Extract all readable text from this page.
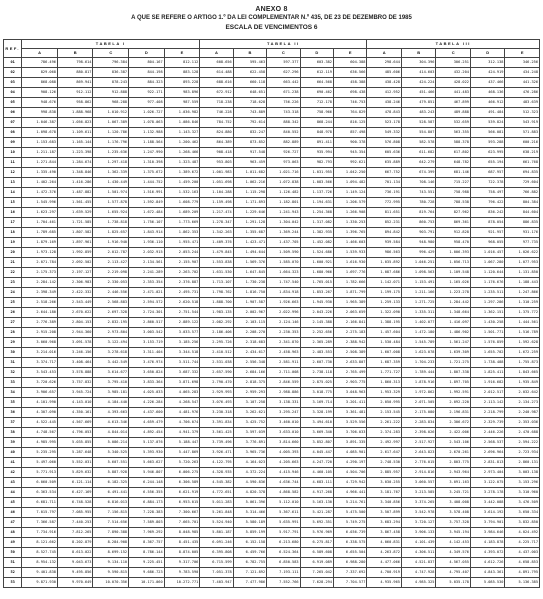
ANEXO 8
A QUE SE REFERE O ARTIGO 1.º DA LEI COMPLEMENTAR N.º 435, DE 23 DE DEZEMBRO DE 1985
ESCALA DE VENCIMENTOS 6
REF.	TABELA I					TABELA II					TABELA III				
	A	B	C	D	E	A	B	C	D	E	A	B	C	D	E
01	786.496	798.614	796.384	804.167	812.112	608.656	595.463	597.377	603.382	604.388	298.644	304.396	306.251	312.138	346.256
02	829.068	880.817	836.387	844.198	883.128	614.488	622.458	627.296	612.119	636.566	485.606	414.603	432.204	424.919	434.248
03	868.088	869.941	878.243	884.323	893.228	688.616	660.118	663.442	664.568	458.388	438.428	424.224	428.022	437.466	441.326
04	908.126	912.112	912.888	922.171	983.896	672.912	648.651	671.238	690.462	698.438	412.952	451.466	441.483	468.136	476.286
05	948.676	958.862	968.288	977.408	987.559	718.238	718.628	756.226	712.178	746.753	438.246	479.851	467.899	466.912	483.639
06	998.838	1.888.968	1.010.912	1.026.727	1.036.982	746.228	743.889	743.318	758.966	764.829	478.843	483.243	489.888	491.484	512.323
07	1.046.387	1.056.823	1.067.389	1.078.063	1.086.846	784.752	792.614	888.342	868.244	816.125	523.178	528.587	532.659	539.824	543.919
08	1.098.678	1.109.611	1.120.786	1.132.988	1.143.327	824.880	832.247	840.552	848.978	857.498	549.332	554.807	563.355	566.081	571.883
09	1.153.683	1.165.144	1.176.796	1.188.564	1.200.462	864.389	873.852	882.889	891.411	900.378	576.808	582.578	588.378	593.288	600.216
10	1.211.187	1.223.398	1.235.636	1.247.990	1.268.466	908.418	917.548	926.727	935.994	945.354	605.636	611.682	617.802	623.995	638.219
11	1.271.844	1.284.674	1.297.418	1.310.398	1.323.487	953.803	963.459	973.063	982.793	992.621	635.889	642.279	648.782	655.194	661.768
12	1.335.490	1.348.846	1.362.339	1.375.672	1.389.672	1.001.983	1.011.682	1.021.716	1.031.955	1.042.250	667.752	674.399	681.146	687.957	694.835
13	1.402.264	1.416.286	1.430.449	1.444.752	1.459.200	1.051.698	1.062.216	1.072.838	1.083.566	1.094.482	701.134	708.146	715.227	722.378	729.604
14	1.472.376	1.487.882	1.501.974	1.516.991	1.532.163	1.104.288	1.115.298	1.126.482	1.137.726	1.149.124	736.191	743.551	758.988	758.497	766.882
15	1.545.996	1.561.455	1.577.878	1.592.849	1.608.779	1.159.498	1.171.893	1.182.801	1.194.631	1.206.579	772.995	780.728	788.538	796.422	804.384
16	1.623.297	1.639.529	1.655.924	1.672.484	1.689.209	1.217.474	1.229.646	1.241.943	1.254.368	1.266.908	811.651	819.764	827.962	836.242	844.604
17	1.704.461	1.721.585	1.738.818	1.756.107	1.773.669	1.278.347	1.291.128	1.304.042	1.317.082	1.330.253	852.231	860.753	869.361	878.054	886.835
18	1.789.685	1.807.582	1.825.657	1.843.914	1.862.353	1.342.263	1.355.687	1.369.244	1.382.935	1.396.765	894.842	903.791	912.828	921.957	931.176
19	1.879.169	1.897.961	1.916.940	1.936.110	1.955.471	1.409.376	1.423.471	1.437.705	1.452.082	1.466.603	939.584	948.980	958.470	968.055	977.735
20	1.973.128	1.992.859	2.012.787	2.032.915	2.053.244	1.479.845	1.494.644	1.509.590	1.524.686	1.539.933	986.563	996.429	1.006.393	1.016.457	1.026.622
21	2.071.784	2.092.502	2.113.427	2.134.561	2.155.907	1.553.838	1.569.376	1.585.070	1.600.921	1.616.930	1.035.892	1.046.251	1.056.713	1.067.280	1.077.953
22	2.175.373	2.197.127	2.219.098	2.241.289	2.263.702	1.631.530	1.647.845	1.664.323	1.680.966	1.697.776	1.087.686	1.098.563	1.109.548	1.120.644	1.131.850
23	2.284.142	2.306.983	2.330.053	2.353.354	2.376.887	1.713.107	1.730.238	1.747.540	1.765.015	1.782.666	1.142.071	1.153.491	1.165.026	1.176.676	1.188.443
24	2.398.349	2.422.332	2.446.556	2.471.021	2.495.731	1.798.762	1.816.750	1.834.918	1.853.267	1.871.799	1.199.175	1.211.166	1.223.278	1.235.511	1.247.866
25	2.518.266	2.543.449	2.568.883	2.594.572	2.620.518	1.888.700	1.907.587	1.926.663	1.945.930	1.965.389	1.259.133	1.271.725	1.284.442	1.297.286	1.310.259
26	2.644.180	2.670.622	2.697.328	2.724.301	2.751.544	1.983.135	2.002.967	2.022.996	2.043.226	2.063.659	1.322.090	1.335.311	1.348.664	1.362.151	1.375.772
27	2.776.389	2.804.153	2.832.195	2.860.517	2.889.122	2.082.292	2.103.115	2.124.146	2.145.388	2.166.841	1.388.195	1.402.077	1.416.097	1.430.258	1.444.561
28	2.915.208	2.944.360	2.973.804	3.003.542	3.033.577	2.186.406	2.208.270	2.230.353	2.252.656	2.275.183	1.457.604	1.472.180	1.486.902	1.501.771	1.516.789
29	3.060.968	3.091.578	3.122.494	3.153.719	3.185.256	2.295.726	2.318.683	2.341.870	2.365.289	2.388.942	1.530.484	1.545.789	1.561.247	1.576.859	1.592.628
30	3.214.016	3.246.156	3.278.618	3.311.404	3.344.518	2.410.512	2.434.617	2.458.963	2.483.553	2.508.389	1.607.008	1.623.078	1.639.309	1.655.702	1.672.259
31	3.374.717	3.408.464	3.442.549	3.476.974	3.511.744	2.531.038	2.556.348	2.581.911	2.607.730	2.633.807	1.687.359	1.704.233	1.721.275	1.738.488	1.755.873
32	3.543.453	3.578.888	3.614.677	3.650.824	3.687.332	2.657.590	2.684.166	2.711.008	2.738.118	2.765.499	1.771.727	1.789.444	1.807.338	1.825.411	1.843.665
33	3.720.626	3.757.832	3.795.410	3.833.364	3.871.698	2.790.470	2.818.375	2.846.559	2.875.025	2.903.775	1.860.313	1.878.916	1.897.705	1.916.682	1.935.849
34	3.906.657	3.945.724	3.985.181	4.025.033	4.065.283	2.929.993	2.959.293	2.988.886	3.018.775	3.048.963	1.953.329	1.972.862	1.992.591	2.012.517	2.032.642
35	4.101.990	4.143.010	4.184.440	4.226.284	4.268.547	3.076.493	3.107.258	3.138.331	3.169.714	3.201.411	2.050.995	2.071.505	2.092.220	2.113.142	2.134.273
36	4.307.090	4.350.161	4.393.663	4.437.600	4.481.976	3.230.318	3.262.621	3.295.247	3.328.199	3.361.481	2.153.545	2.175.080	2.196.831	2.218.799	2.240.987
37	4.522.445	4.567.669	4.613.346	4.659.479	4.706.074	3.391.834	3.425.752	3.460.010	3.494.610	3.529.556	2.261.222	2.283.834	2.306.672	2.329.739	2.353.036
38	4.748.567	4.796.053	4.844.014	4.892.454	4.941.379	3.561.425	3.597.039	3.633.010	3.669.340	3.706.033	2.374.283	2.398.026	2.422.006	2.446.226	2.470.688
39	4.985.995	5.035.855	5.086.214	5.137.076	5.188.447	3.739.496	3.776.891	3.814.660	3.852.807	3.891.335	2.492.997	2.517.927	2.543.106	2.568.537	2.594.222
40	5.235.295	5.287.648	5.340.525	5.393.930	5.447.869	3.926.471	3.965.736	4.005.393	4.045.447	4.085.901	2.617.647	2.643.823	2.670.261	2.696.964	2.723.934
41	5.497.060	5.552.031	5.607.551	5.663.627	5.720.263	4.122.795	4.164.023	4.205.663	4.247.720	4.290.197	2.748.530	2.776.015	2.803.775	2.831.813	2.860.131
42	5.771.913	5.829.632	5.887.928	5.946.807	6.006.275	4.328.935	4.372.224	4.415.946	4.460.105	4.504.706	2.885.957	2.914.816	2.943.964	2.973.404	3.003.138
43	6.060.509	6.121.114	6.182.325	6.244.148	6.306.589	4.545.382	4.590.836	4.636.744	4.683.111	4.729.942	3.030.255	3.060.557	3.091.163	3.122.075	3.153.296
44	6.363.534	6.427.169	6.491.441	6.556.355	6.621.919	4.772.651	4.820.378	4.868.582	4.917.268	4.966.441	3.181.767	3.213.585	3.245.721	3.278.178	3.310.960
45	6.681.711	6.748.528	6.816.013	6.884.173	6.953.015	5.011.283	5.061.396	5.112.010	5.163.130	5.214.761	3.340.856	3.374.265	3.408.008	3.442.088	3.476.509
46	7.015.797	7.085.955	7.156.815	7.228.383	7.300.667	5.261.848	5.314.466	5.367.611	5.421.287	5.475.500	3.507.899	3.542.978	3.578.408	3.614.192	3.650.334
47	7.366.587	7.440.253	7.514.656	7.589.803	7.665.701	5.524.940	5.580.189	5.635.991	5.692.351	5.749.275	3.683.294	3.720.127	3.757.328	3.794.901	3.832.850
48	7.734.916	7.812.265	7.890.388	7.969.292	8.048.985	5.801.187	5.859.199	5.917.791	5.976.969	6.036.739	3.867.458	3.906.133	3.945.194	3.984.646	4.024.492
49	8.121.662	8.202.879	8.284.908	8.367.757	8.451.435	6.091.246	6.152.158	6.213.680	6.275.817	6.338.575	4.060.831	4.101.439	4.142.453	4.183.878	4.225.717
50	8.527.745	8.613.022	8.699.152	8.786.144	8.874.005	6.395.808	6.459.766	6.524.364	6.589.608	6.655.504	4.263.872	4.306.511	4.349.576	4.393.072	4.437.003
51	8.954.132	9.043.673	9.134.110	9.225.451	9.317.706	6.715.599	6.782.755	6.850.583	6.919.089	6.988.280	4.477.066	4.521.837	4.567.055	4.612.726	4.658.853
52	9.401.838	9.495.856	9.590.815	9.686.723	9.783.590	7.051.378	7.121.892	7.193.111	7.265.042	7.337.692	4.700.919	4.747.928	4.795.407	4.843.361	4.891.795
53	9.871.930	9.970.649	10.070.356	10.171.060	10.272.771	7.403.947	7.477.986	7.552.766	7.628.294	7.704.577	4.935.965	4.985.325	5.035.178	5.085.530	5.136.385
